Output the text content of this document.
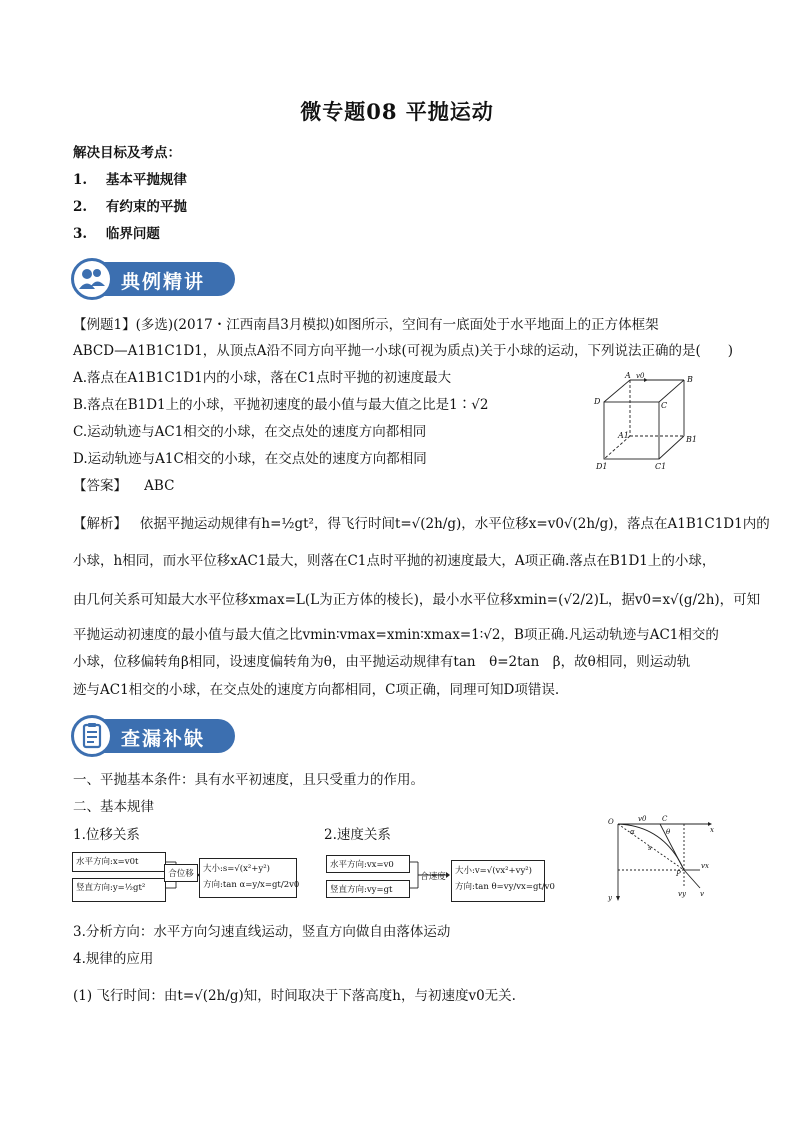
微专题08 平抛运动
解决目标及考点：
1. 基本平抛规律
2. 有约束的平抛
3. 临界问题
典例精讲
【例题1】(多选)(2017・江西南昌3月模拟)如图所示，空间有一底面处于水平地面上的正方体框架
ABCD—A1B1C1D1，从顶点A沿不同方向平抛一小球(可视为质点)关于小球的运动，下列说法正确的是(　　)
A.落点在A1B1C1D1内的小球，落在C1点时平抛的初速度最大
B.落点在B1D1上的小球，平抛初速度的最小值与最大值之比是1∶√2
C.运动轨迹与AC1相交的小球，在交点处的速度方向都相同
D.运动轨迹与A1C相交的小球，在交点处的速度方向都相同
A	B
C
D
A1	B1
C1
D1
v0
【答案】 ABC
【解析】 依据平抛运动规律有h=½gt²，得飞行时间t=√(2h/g)，水平位移x=v0√(2h/g)，落点在A1B1C1D1内的
小球，h相同，而水平位移xAC1最大，则落在C1点时平抛的初速度最大，A项正确.落点在B1D1上的小球，
由几何关系可知最大水平位移xmax=L(L为正方体的棱长)，最小水平位移xmin=(√2/2)L，据v0=x√(g/2h)，可知
平抛运动初速度的最小值与最大值之比vmin∶vmax=xmin∶xmax=1∶√2，B项正确.凡运动轨迹与AC1相交的
小球，位移偏转角β相同，设速度偏转角为θ，由平抛运动规律有tan　θ=2tan　β，故θ相同，则运动轨
迹与AC1相交的小球，在交点处的速度方向都相同，C项正确，同理可知D项错误.
查漏补缺
一、平抛基本条件：具有水平初速度，且只受重力的作用。
二、基本规律
1.位移关系	2.速度关系
水平方向:x=v0t
竖直方向:y=½gt²
合位移	大小:s=√(x²+y²)
方向:tan α=y/x=gt/2v0
水平方向:vx=v0
竖直方向:vy=gt
合速度
大小:v=√(vx²+vy²)
方向:tan θ=vy/vx=gt/v0
O	v0 C
x
θ
α
s
P
vx
vy v
y
3.分析方向：水平方向匀速直线运动，竖直方向做自由落体运动
4.规律的应用
(1) 飞行时间：由t=√(2h/g)知，时间取决于下落高度h，与初速度v0无关.
